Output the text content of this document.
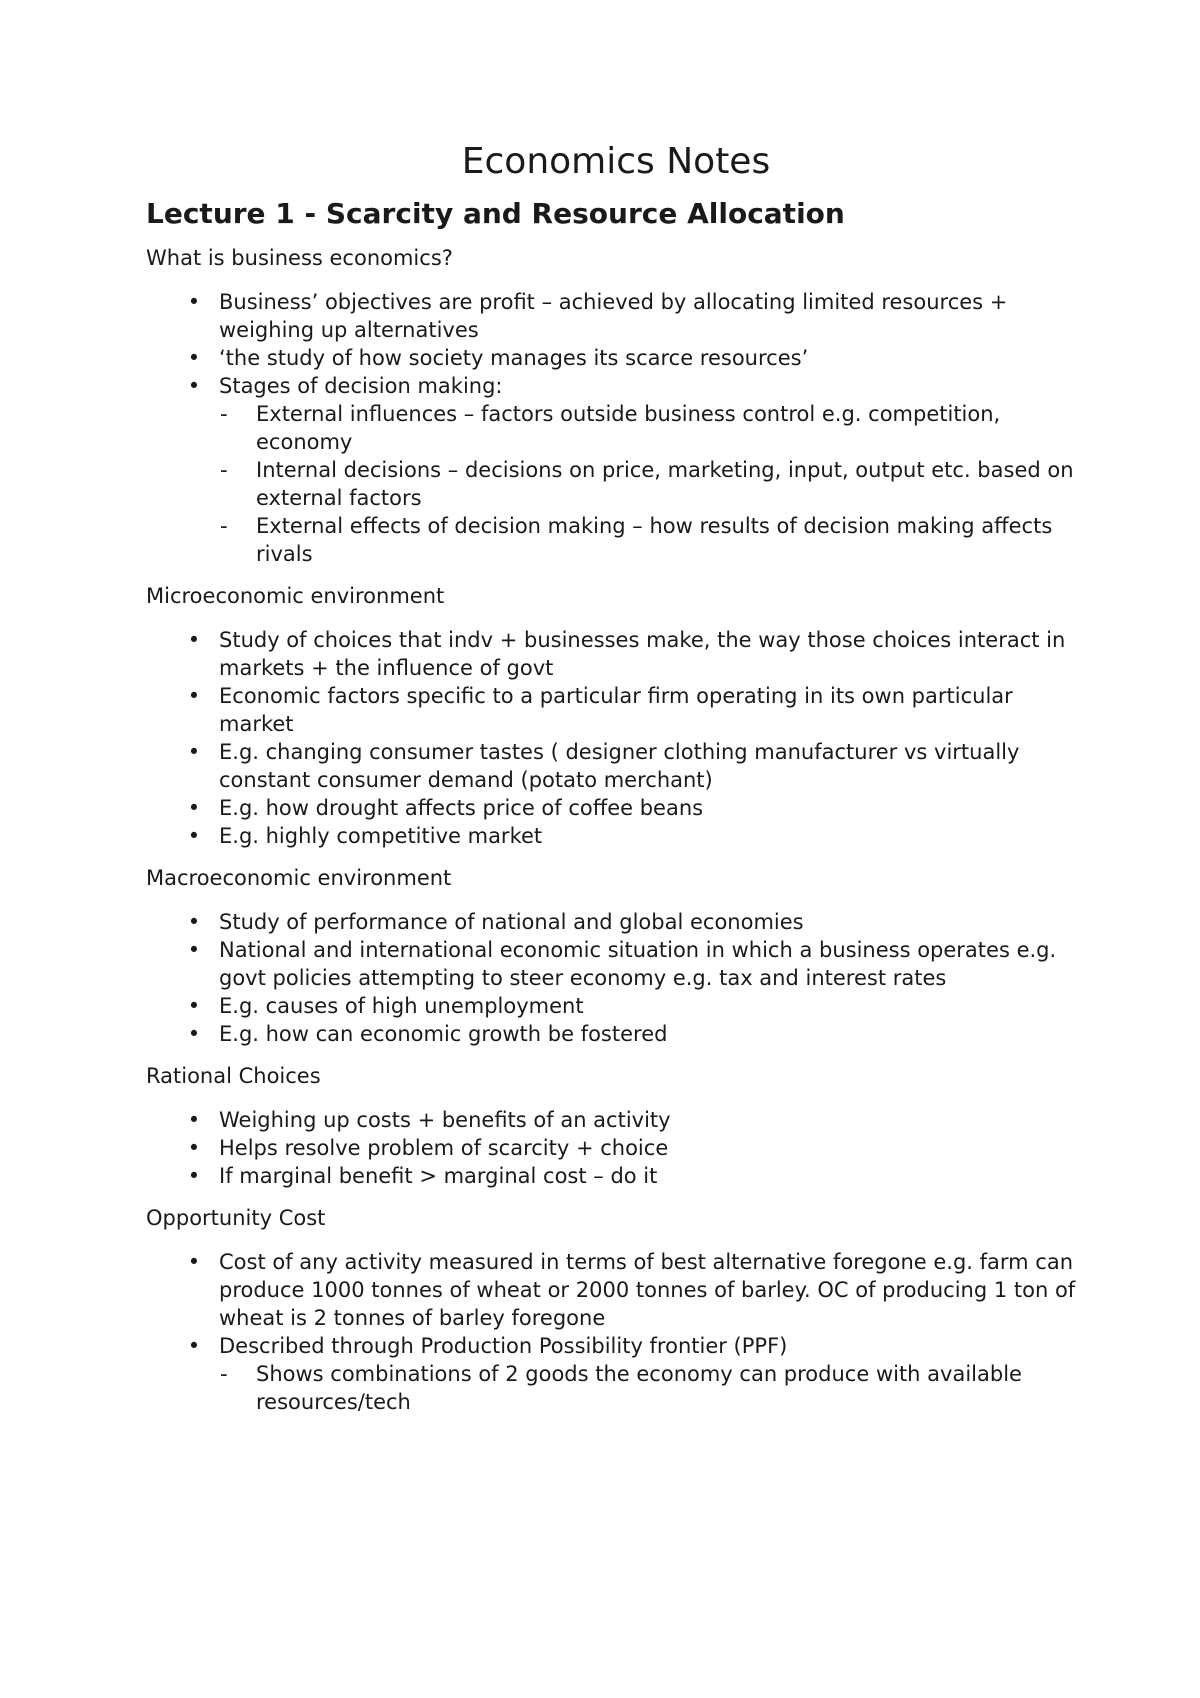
Economics Notes
Lecture 1 - Scarcity and Resource Allocation
What is business economics?
• Business’ objectives are profit – achieved by allocating limited resources + weighing up alternatives
• ‘the study of how society manages its scarce resources’
• Stages of decision making:
- External influences – factors outside business control e.g. competition, economy
- Internal decisions – decisions on price, marketing, input, output etc. based on external factors
- External effects of decision making – how results of decision making affects rivals
Microeconomic environment
• Study of choices that indv + businesses make, the way those choices interact in markets + the influence of govt
• Economic factors specific to a particular firm operating in its own particular market
• E.g. changing consumer tastes ( designer clothing manufacturer vs virtually constant consumer demand (potato merchant)
• E.g. how drought affects price of coffee beans
• E.g. highly competitive market
Macroeconomic environment
• Study of performance of national and global economies
• National and international economic situation in which a business operates e.g. govt policies attempting to steer economy e.g. tax and interest rates
• E.g. causes of high unemployment
• E.g. how can economic growth be fostered
Rational Choices
• Weighing up costs + benefits of an activity
• Helps resolve problem of scarcity + choice
• If marginal benefit > marginal cost – do it
Opportunity Cost
• Cost of any activity measured in terms of best alternative foregone e.g. farm can produce 1000 tonnes of wheat or 2000 tonnes of barley. OC of producing 1 ton of wheat is 2 tonnes of barley foregone
• Described through Production Possibility frontier (PPF)
- Shows combinations of 2 goods the economy can produce with available resources/tech
